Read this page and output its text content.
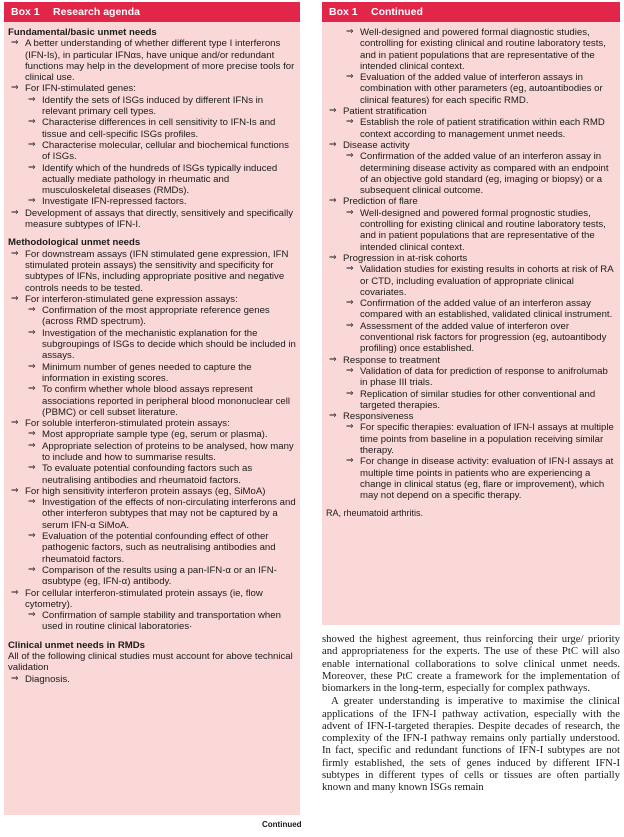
Box 1	Research agenda
Fundamental/basic unmet needs
⇒ A better understanding of whether different type I interferons (IFN-Is), in particular IFNαs, have unique and/or redundant functions may help in the development of more precise tools for clinical use.
⇒ For IFN-stimulated genes:
⇒ Identify the sets of ISGs induced by different IFNs in relevant primary cell types.
⇒ Characterise differences in cell sensitivity to IFN-Is and tissue and cell-specific ISGs profiles.
⇒ Characterise molecular, cellular and biochemical functions of ISGs.
⇒ Identify which of the hundreds of ISGs typically induced actually mediate pathology in rheumatic and musculoskeletal diseases (RMDs).
⇒ Investigate IFN-repressed factors.
⇒ Development of assays that directly, sensitively and specifically measure subtypes of IFN-I.
Methodological unmet needs
⇒ For downstream assays (IFN stimulated gene expression, IFN stimulated protein assays) the sensitivity and specificity for subtypes of IFNs, including appropriate positive and negative controls needs to be tested.
⇒ For interferon-stimulated gene expression assays:
⇒ Confirmation of the most appropriate reference genes (across RMD spectrum).
⇒ Investigation of the mechanistic explanation for the subgroupings of ISGs to decide which should be included in assays.
⇒ Minimum number of genes needed to capture the information in existing scores.
⇒ To confirm whether whole blood assays represent associations reported in peripheral blood mononuclear cell (PBMC) or cell subset literature.
⇒ For soluble interferon-stimulated protein assays:
⇒ Most appropriate sample type (eg, serum or plasma).
⇒ Appropriate selection of proteins to be analysed, how many to include and how to summarise results.
⇒ To evaluate potential confounding factors such as neutralising antibodies and rheumatoid factors.
⇒ For high sensitivity interferon protein assays (eg, SiMoA)
⇒ Investigation of the effects of non-circulating interferons and other interferon subtypes that may not be captured by a serum IFN-α SiMoA.
⇒ Evaluation of the potential confounding effect of other pathogenic factors, such as neutralising antibodies and rheumatoid factors.
⇒ Comparison of the results using a pan-IFN-α or an IFN-αsubtype (eg, IFN-α) antibody.
⇒ For cellular interferon-stimulated protein assays (ie, flow cytometry).
⇒ Confirmation of sample stability and transportation when used in routine clinical laboratories·
Clinical unmet needs in RMDs
All of the following clinical studies must account for above technical validation
⇒ Diagnosis.
Continued
Box 1	Continued
⇒ Well-designed and powered formal diagnostic studies, controlling for existing clinical and routine laboratory tests, and in patient populations that are representative of the intended clinical context.
⇒ Evaluation of the added value of interferon assays in combination with other parameters (eg, autoantibodies or clinical features) for each specific RMD.
⇒ Patient stratification
⇒ Establish the role of patient stratification within each RMD context according to management unmet needs.
⇒ Disease activity
⇒ Confirmation of the added value of an interferon assay in determining disease activity as compared with an endpoint of an objective gold standard (eg, imaging or biopsy) or a subsequent clinical outcome.
⇒ Prediction of flare
⇒ Well-designed and powered formal prognostic studies, controlling for existing clinical and routine laboratory tests, and in patient populations that are representative of the intended clinical context.
⇒ Progression in at-risk cohorts
⇒ Validation studies for existing results in cohorts at risk of RA or CTD, including evaluation of appropriate clinical covariates.
⇒ Confirmation of the added value of an interferon assay compared with an established, validated clinical instrument.
⇒ Assessment of the added value of interferon over conventional risk factors for progression (eg, autoantibody profiling) once established.
⇒ Response to treatment
⇒ Validation of data for prediction of response to anifrolumab in phase III trials.
⇒ Replication of similar studies for other conventional and targeted therapies.
⇒ Responsiveness
⇒ For specific therapies: evaluation of IFN-I assays at multiple time points from baseline in a population receiving similar therapy.
⇒ For change in disease activity: evaluation of IFN-I assays at multiple time points in patients who are experiencing a change in clinical status (eg, flare or improvement), which may not depend on a specific therapy.
RA, rheumatoid arthritis.

showed the highest agreement, thus reinforcing their urge/ priority and appropriateness for the experts. The use of these PtC will also enable international collaborations to solve clinical unmet needs. Moreover, these PtC create a framework for the implementation of biomarkers in the long-term, especially for complex pathways.

A greater understanding is imperative to maximise the clinical applications of the IFN-I pathway activation, especially with the advent of IFN-I-targeted therapies. Despite decades of research, the complexity of the IFN-I pathway remains only partially understood. In fact, specific and redundant functions of IFN-I subtypes are not firmly established, the sets of genes induced by different IFN-I subtypes in different types of cells or tissues are often partially known and many known ISGs remain
